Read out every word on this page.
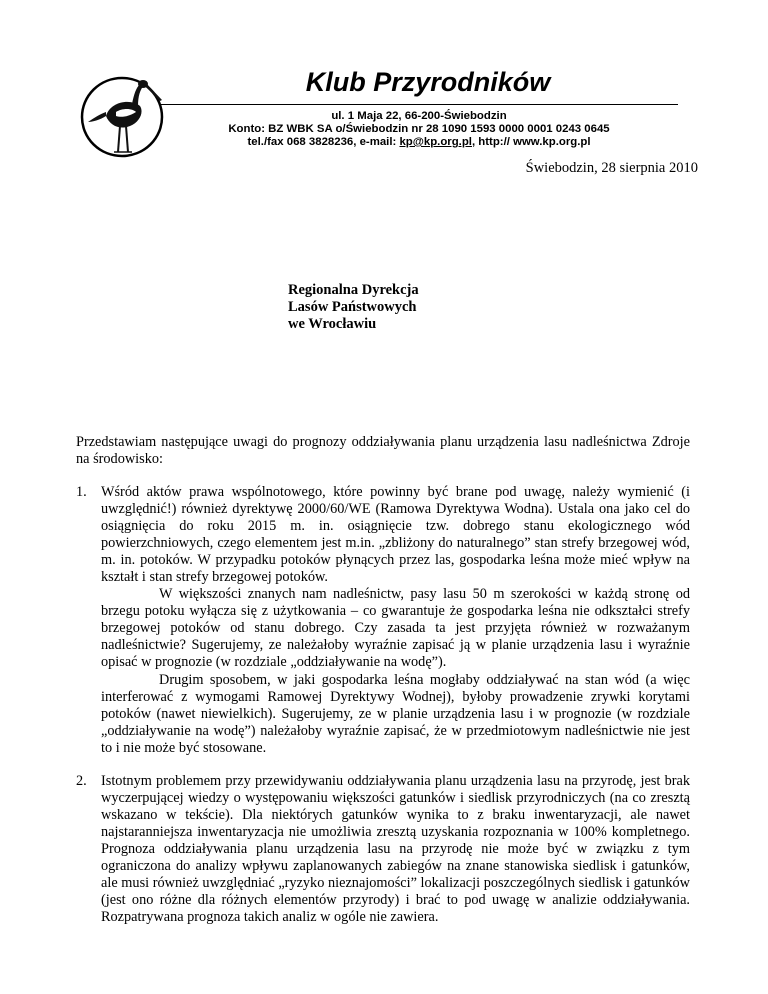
Klub Przyrodników
ul. 1 Maja 22, 66-200-Świebodzin
Konto: BZ WBK SA o/Świebodzin nr 28 1090 1593 0000 0001 0243 0645
tel./fax 068 3828236, e-mail: kp@kp.org.pl, http:// www.kp.org.pl
Świebodzin, 28 sierpnia 2010
Regionalna Dyrekcja
Lasów Państwowych
we Wrocławiu
Przedstawiam następujące uwagi do prognozy oddziaływania planu urządzenia lasu nadleśnictwa Zdroje na środowisko:
1. Wśród aktów prawa wspólnotowego, które powinny być brane pod uwagę, należy wymienić (i uwzględnić!) również dyrektywę 2000/60/WE (Ramowa Dyrektywa Wodna). Ustala ona jako cel do osiągnięcia do roku 2015 m. in. osiągnięcie tzw. dobrego stanu ekologicznego wód powierzchniowych, czego elementem jest m.in. „zbliżony do naturalnego” stan strefy brzegowej wód, m. in. potoków. W przypadku potoków płynących przez las, gospodarka leśna może mieć wpływ na kształt i stan strefy brzegowej potoków.

W większości znanych nam nadleśnictw, pasy lasu 50 m szerokości w każdą stronę od brzegu potoku wyłącza się z użytkowania – co gwarantuje że gospodarka leśna nie odkształci strefy brzegowej potoków od stanu dobrego. Czy zasada ta jest przyjęta również w rozważanym nadleśnictwie? Sugerujemy, ze należałoby wyraźnie zapisać ją w planie urządzenia lasu i wyraźnie opisać w prognozie (w rozdziale „oddziaływanie na wodę”).

Drugim sposobem, w jaki gospodarka leśna mogłaby oddziaływać na stan wód (a więc interferować z wymogami Ramowej Dyrektywy Wodnej), byłoby prowadzenie zrywki korytami potoków (nawet niewielkich). Sugerujemy, ze w planie urządzenia lasu i w prognozie (w rozdziale „oddziaływanie na wodę”) należałoby wyraźnie zapisać, że w przedmiotowym nadleśnictwie nie jest to i nie może być stosowane.

2. Istotnym problemem przy przewidywaniu oddziaływania planu urządzenia lasu na przyrodę, jest brak wyczerpującej wiedzy o występowaniu większości gatunków i siedlisk przyrodniczych (na co zresztą wskazano w tekście). Dla niektórych gatunków wynika to z braku inwentaryzacji, ale nawet najstaranniejsza inwentaryzacja nie umożliwia zresztą uzyskania rozpoznania w 100% kompletnego. Prognoza oddziaływania planu urządzenia lasu na przyrodę nie może być w związku z tym ograniczona do analizy wpływu zaplanowanych zabiegów na znane stanowiska siedlisk i gatunków, ale musi również uwzględniać „ryzyko nieznajomości” lokalizacji poszczególnych siedlisk i gatunków (jest ono różne dla różnych elementów przyrody) i brać to pod uwagę w analizie oddziaływania. Rozpatrywana prognoza takich analiz w ogóle nie zawiera.
